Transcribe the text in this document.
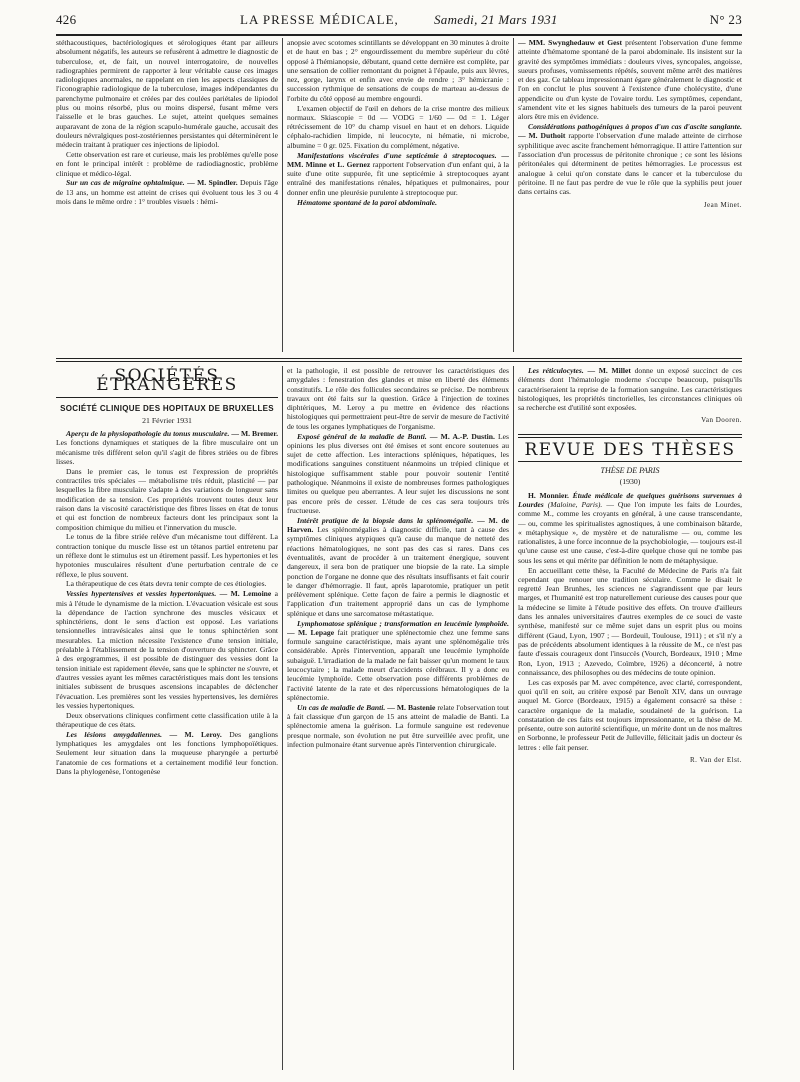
426	LA PRESSE MÉDICALE,	Samedi, 21 Mars 1931	N° 23

stéthacoustiques, bactériologiques et sérologiques étant par ailleurs absolument négatifs, les auteurs se refusèrent à admettre le diagnostic de tuberculose, et, de fait, un nouvel interrogatoire, de nouvelles radiographies permirent de rapporter à leur véritable cause ces images radiologiques anormales, ne rappelant en rien les aspects classiques de l'iconographie radiologique de la tuberculose, images indépendantes du parenchyme pulmonaire et créées par des coulées pariétales de lipiodol plus ou moins résorbé, plus ou moins dispersé, fusant même vers l'aisselle et le bras gauches. Le sujet, atteint quelques semaines auparavant de zona de la région scapulo-humérale gauche, accusait des douleurs névralgiques post-zostériennes persistantes qui déterminèrent le médecin traitant à pratiquer ces injections de lipiodol.

Cette observation est rare et curieuse, mais les problèmes qu'elle pose en font le principal intérêt : problème de radiodiagnostic, problème clinique et médico-légal.

Sur un cas de migraine ophtalmique. — M. Spindler. Depuis l'âge de 13 ans, un homme est atteint de crises qui évoluent tous les 3 ou 4 mois dans le même ordre : 1° troubles visuels : hémi-

anopsie avec scotomes scintillants se développant en 30 minutes à droite et de haut en bas ; 2° engourdissement du membre supérieur du côté opposé à l'hémianopsie, débutant, quand cette dernière est complète, par une sensation de collier remontant du poignet à l'épaule, puis aux lèvres, nez, gorge, larynx et enfin avec envie de rendre ; 3° hémicranie : succession rythmique de sensations de coups de marteau au-dessus de l'orbite du côté opposé au membre engourdi.

L'examen objectif de l'œil en dehors de la crise montre des milieux normaux. Skiascopie = 0d — VODG = 1/60 — 0d = 1. Léger rétrécissement de 10° du champ visuel en haut et en dehors. Liquide céphalo-rachidien limpide, ni leucocyte, ni hématie, ni microbe, albumine = 0 gr. 025. Fixation du complément, négative.

Manifestations viscérales d'une septicémie à streptocoques. — MM. Minne et L. Gernez rapportent l'observation d'un enfant qui, à la suite d'une otite suppurée, fit une septicémie à streptocoques ayant entraîné des manifestations rénales, hépatiques et pulmonaires, pour donner enfin une pleurésie purulente à streptocoque pur.

Hématome spontané de la paroi abdominale.

— MM. Swynghedauw et Gest présentent l'observation d'une femme atteinte d'hématome spontané de la paroi abdominale. Ils insistent sur la gravité des symptômes immédiats : douleurs vives, syncopales, angoisse, sueurs profuses, vomissements répétés, souvent même arrêt des matières et des gaz. Ce tableau impressionnant égare généralement le diagnostic et l'on en conclut le plus souvent à l'existence d'une cholécystite, d'une appendicite ou d'un kyste de l'ovaire tordu. Les symptômes, cependant, s'amendent vite et les signes habituels des tumeurs de la paroi peuvent alors être mis en évidence.

Considérations pathogéniques à propos d'un cas d'ascite sanglante. — M. Duthoit rapporte l'observation d'une malade atteinte de cirrhose syphilitique avec ascite franchement hémorragique. Il attire l'attention sur l'association d'un processus de péritonite chronique ; ce sont les lésions péritonéales qui déterminent de petites hémorragies. Le processus est analogue à celui qu'on constate dans le cancer et la tuberculose du péritoine. Il ne faut pas perdre de vue le rôle que la syphilis peut jouer dans certains cas.

Jean Minet.
SOCIÉTÉS ÉTRANGÈRES
SOCIÉTÉ CLINIQUE DES HOPITAUX DE BRUXELLES
21 Février 1931

Aperçu de la physiopathologie du tonus musculaire. — M. Bremer. Les fonctions dynamiques et statiques de la fibre musculaire ont un mécanisme très différent selon qu'il s'agit de fibres striées ou de fibres lisses.

Dans le premier cas, le tonus est l'expression de propriétés contractiles très spéciales — métabolisme très réduit, plasticité — par lesquelles la fibre musculaire s'adapte à des variations de longueur sans modification de sa tension. Ces propriétés trouvent toutes deux leur raison dans la viscosité caractéristique des fibres lisses en état de tonus et qui est fonction de nombreux facteurs dont les principaux sont la composition chimique du milieu et l'innervation du muscle.

Le tonus de la fibre striée relève d'un mécanisme tout différent. La contraction tonique du muscle lisse est un tétanos partiel entretenu par un réflexe dont le stimulus est un étirement passif. Les hypertonies et les hypotonies musculaires résultent d'une perturbation centrale de ce réflexe, le plus souvent.

La thérapeutique de ces états devra tenir compte de ces étiologies.

Vessies hypertensives et vessies hypertoniques. — M. Lemoine a mis à l'étude le dynamisme de la miction. L'évacuation vésicale est sous la dépendance de l'action synchrone des muscles vésicaux et sphinctériens, dont le sens d'action est opposé. Les variations tensionnelles intravésicales ainsi que le tonus sphinctérien sont mesurables. La miction nécessite l'existence d'une tension initiale, préalable à l'établissement de la tension d'ouverture du sphincter. Grâce à des ergogrammes, il est possible de distinguer des vessies dont la tension initiale est rapidement élevée, sans que le sphincter ne s'ouvre, et d'autres vessies ayant les mêmes caractéristiques mais dont les tensions initiales subissent de brusques ascensions incapables de déclencher l'évacuation. Les premières sont les vessies hypertensives, les dernières les vessies hypertoniques.

Deux observations cliniques confirment cette classification utile à la thérapeutique de ces états.

Les lésions amygdaliennes. — M. Leroy. Des ganglions lymphatiques les amygdales ont les fonctions lymphopoïétiques. Seulement leur situation dans la muqueuse pharyngée a perturbé l'anatomie de ces formations et a certainement modifié leur fonction. Dans la phylogenèse, l'ontogenèse

et la pathologie, il est possible de retrouver les caractéristiques des amygdales : fenestration des glandes et mise en liberté des éléments constitutifs. Le rôle des follicules secondaires se précise. De nombreux travaux ont été faits sur la question. Grâce à l'injection de toxines diphtériques, M. Leroy a pu mettre en évidence des réactions histologiques qui permettraient peut-être de servir de mesure de l'activité de tous les organes lymphatiques de l'organisme.

Exposé général de la maladie de Banti. — M. A.-P. Dustin. Les opinions les plus diverses ont été émises et sont encore soutenues au sujet de cette affection. Les interactions spléniques, hépatiques, les modifications sanguines constituent néanmoins un trépied clinique et histologique suffisamment stable pour pouvoir soutenir l'entité pathologique. Néanmoins il existe de nombreuses formes pathologiques limites ou quelque peu aberrantes. A leur sujet les discussions ne sont pas encore près de cesser. L'étude de ces cas sera toujours très fructueuse.

Intérêt pratique de la biopsie dans la splénomégalie. — M. de Harven. Les splénomégalies à diagnostic difficile, tant à cause des symptômes cliniques atypiques qu'à cause du manque de netteté des réactions hématologiques, ne sont pas des cas si rares. Dans ces éventualités, avant de procéder à un traitement énergique, souvent dangereux, il sera bon de pratiquer une biopsie de la rate. La simple ponction de l'organe ne donne que des résultats insuffisants et fait courir le danger d'hémorragie. Il faut, après laparotomie, pratiquer un petit prélèvement splénique. Cette façon de faire a permis le diagnostic et l'application d'un traitement approprié dans un cas de lymphome splénique et dans une sarcomatose métastatique.

Lymphomatose splénique ; transformation en leucémie lymphoïde. — M. Lepage fait pratiquer une splénectomie chez une femme sans formule sanguine caractéristique, mais ayant une splénomégalie très considérable. Après l'intervention, apparaît une leucémie lymphoïde subaiguë. L'irradiation de la malade ne fait baisser qu'un moment le taux leucocytaire ; la malade meurt d'accidents cérébraux. Il y a donc eu leucémie lymphoïde. Cette observation pose différents problèmes de l'activité latente de la rate et des répercussions hématologiques de la splénectomie.

Un cas de maladie de Banti. — M. Bastenie relate l'observation tout à fait classique d'un garçon de 15 ans atteint de maladie de Banti. La splénectomie amena la guérison. La formule sanguine est redevenue presque normale, son évolution ne put être surveillée avec profit, une infection pulmonaire étant survenue après l'intervention chirurgicale.

Les réticulocytes. — M. Millet donne un exposé succinct de ces éléments dont l'hématologie moderne s'occupe beaucoup, puisqu'ils caractériseraient la reprise de la formation sanguine. Les caractéristiques histologiques, les propriétés tinctorielles, les circonstances cliniques où sa recherche est d'utilité sont exposées.

Van Dooren.
REVUE DES THÈSES
THÈSE DE PARIS
(1930)

H. Monnier. Étude médicale de quelques guérisons survenues à Lourdes (Maloine, Paris). — Que l'on impute les faits de Lourdes, comme M., comme les croyants en général, à une cause transcendante, — ou, comme les spiritualistes agnostiques, à une combinaison bâtarde, « métaphysique », de mystère et de naturalisme — ou, comme les rationalistes, à une force inconnue de la psychobiologie, — toujours est-il qu'une cause est une cause, c'est-à-dire quelque chose qui ne tombe pas sous les sens et qui mérite par définition le nom de métaphysique.

En accueillant cette thèse, la Faculté de Médecine de Paris n'a fait cependant que renouer une tradition séculaire. Comme le disait le regretté Jean Brunhes, les sciences ne s'agrandissent que par leurs marges, et l'humanité est trop naturellement curieuse des causes pour que la médecine se limite à l'étude positive des effets. On trouve d'ailleurs dans les annales universitaires d'autres exemples de ce souci de vaste synthèse, manifesté sur ce même sujet dans un esprit plus ou moins différent (Gaud, Lyon, 1907 ; — Bordeuil, Toulouse, 1911) ; et s'il n'y a pas de précédents absolument identiques à la réussite de M., ce n'est pas faute d'essais courageux dont l'insuccès (Vourch, Bordeaux, 1910 ; Mme Ron, Lyon, 1913 ; Azevedo, Coïmbre, 1926) a déconcerté, à notre connaissance, des philosophes ou des médecins de toute opinion.

Les cas exposés par M. avec compétence, avec clarté, correspondent, quoi qu'il en soit, au critère exposé par Benoît XIV, dans un ouvrage auquel M. Gorce (Bordeaux, 1915) a également consacré sa thèse : caractère organique de la maladie, soudaineté de la guérison. La constatation de ces faits est toujours impressionnante, et la thèse de M. présente, outre son autorité scientifique, un mérite dont un de nos maîtres en Sorbonne, le professeur Petit de Julleville, félicitait jadis un docteur ès lettres : elle fait penser.

R. Van der Elst.
